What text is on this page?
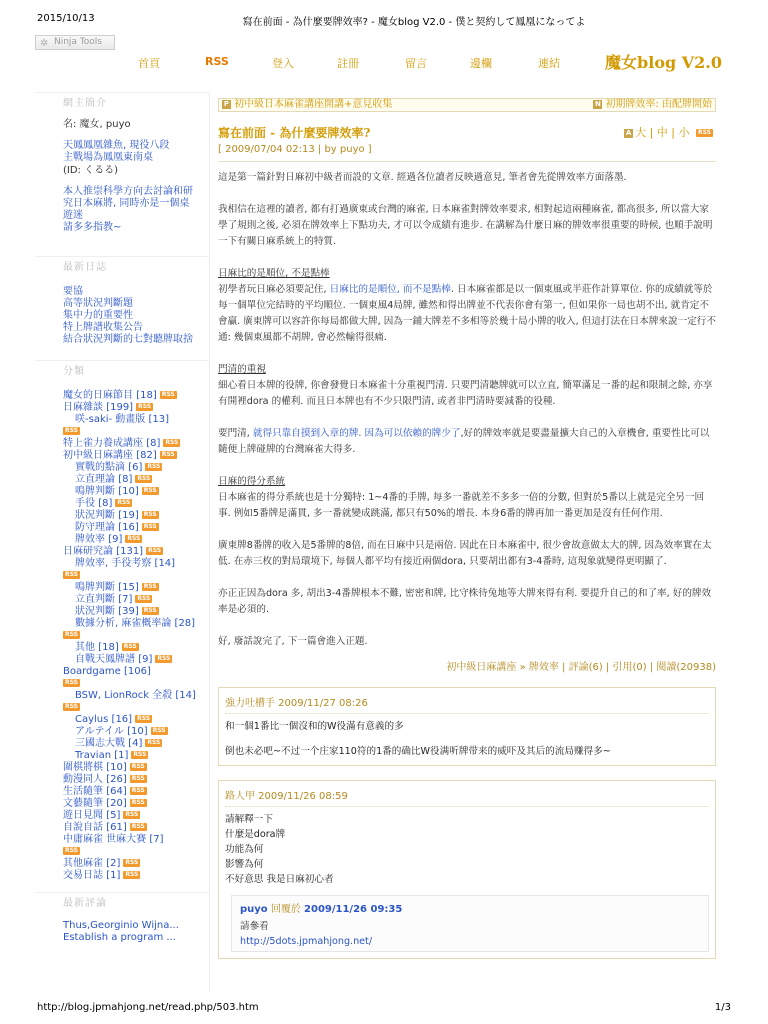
2015/10/13	寫在前面 - 為什麼要牌效率? - 魔女blog V2.0 - 僕と契約して鳳凰になってよ
✲ Ninja Tools
首頁	RSS	登入	註冊	留言	邊欄	連結	魔女blog V2.0
網主簡介
名: 魔女, puyo
天鳳鳳凰雜魚, 現役八段
主戰場為鳳凰東南桌
(ID: くるる)
本人推崇科學方向去討論和研
究日本麻將, 同時亦是一個桌
遊迷
請多多指教~
最新日誌
要協
高等狀況判斷題
集中力的重要性
特上牌譜收集公告
結合狀況判斷的七對聽牌取捨
分類
魔女的日麻節目 [18] RSS
日麻雜談 [199] RSS
咲-saki- 動畫版 [13]
RSS
特上雀力養成講座 [8] RSS
初中級日麻講座 [82] RSS
實戰的點滴 [6] RSS
立直理論 [8] RSS
鳴牌判斷 [10] RSS
手役 [8] RSS
狀況判斷 [19] RSS
防守理論 [16] RSS
牌效率 [9] RSS
日麻研究論 [131] RSS
牌效率, 手役考察 [14]
RSS
鳴牌判斷 [15] RSS
立直判斷 [7] RSS
狀況判斷 [39] RSS
數據分析, 麻雀概率論 [28]
RSS
其他 [18] RSS
自戰天鳳牌譜 [9] RSS
Boardgame [106]
RSS
BSW, LionRock 全殺 [14]
RSS
Caylus [16] RSS
アルテイル [10] RSS
三國志大戰 [4] RSS
Travian [1] RSS
圍棋將棋 [10] RSS
動漫同人 [26] RSS
生活隨筆 [64] RSS
文藝隨筆 [20] RSS
遊日見聞 [5] RSS
自說自話 [61] RSS
中庸麻雀 世麻大賽 [7]
RSS
其他麻雀 [2] RSS
交易日誌 [1] RSS
最新評論
Thus,Georginio Wijna...
Establish a program ...
P 初中級日本麻雀講座開講+意見收集	N 初期牌效率: 由配牌開始
寫在前面 - 為什麼要牌效率?
[ 2009/07/04 02:13 | by puyo ]
A 大 | 中 | 小 RSS

這是第一篇針對日麻初中級者而設的文章. 經過各位讀者反映過意見, 筆者會先從牌效率方面落墨.

我相信在這裡的讀者, 都有打過廣東或台灣的麻雀, 日本麻雀對牌效率要求, 相對起這兩種麻雀, 都高很多, 所以當大家學了規則之後, 必須在牌效率上下點功夫, 才可以令成績有進步. 在講解為什麼日麻的牌效率很重要的時候, 也順手說明一下有關日麻系統上的特質.

日麻比的是順位, 不是點棒

初學者玩日麻必須要記住, 日麻比的是順位, 而不是點棒. 日本麻雀都是以一個東風或半莊作計算單位. 你的成績就等於每一個單位完結時的平均順位. 一個東風4局牌, 雖然和得出牌並不代表你會有第一, 但如果你一局也胡不出, 就肯定不會贏. 廣東牌可以容許你每局都做大牌, 因為一鋪大牌差不多相等於幾十局小牌的收入, 但這打法在日本牌來說一定行不通: 幾個東風都不胡牌, 會必然輸得很痛.

門清的重視

細心看日本牌的役牌, 你會發覺日本麻雀十分重視門清. 只要門清聽牌就可以立直, 簡單滿足一番的起和限制之餘, 亦享有開裡dora 的權利. 而且日本牌也有不少只限門清, 或者非門清時要減番的役種.

要門清, 就得只靠自摸到入章的牌. 因為可以依賴的牌少了,好的牌效率就是要盡量擴大自己的入章機會, 重要性比可以隨便上牌碰牌的台灣麻雀大得多.

日麻的得分系統

日本麻雀的得分系統也是十分獨特: 1~4番的手牌, 每多一番就差不多多一倍的分數, 但對於5番以上就是完全另一回事. 例如5番牌是滿貫, 多一番就變成跳滿, 都只有50%的增長. 本身6番的牌再加一番更加是沒有任何作用.

廣東牌8番牌的收入是5番牌的8倍, 而在日麻中只是兩倍. 因此在日本麻雀中, 很少會故意做太大的牌, 因為效率實在太低. 在赤三枚的對局環境下, 每個人都平均有接近兩個dora, 只要胡出都有3-4番時, 這現象就變得更明顯了.

亦正正因為dora 多, 胡出3-4番牌根本不難, 密密和牌, 比守株待兔地等大牌來得有利. 要提升自己的和了率, 好的牌效率是必須的.

好, 廢話說完了, 下一篇會進入正題.

初中級日麻講座 » 牌效率 | 評論(6) | 引用(0) | 閱讀(20938)
強力吐槽手 2009/11/27 08:26

和一個1番比一個沒和的W役滿有意義的多

倒也未必吧~不过一个庄家110符的1番的确比W役满听牌带来的威吓及其后的流局赚得多~

路人甲 2009/11/26 08:59
請解釋一下
什麼是dora牌
功能為何
影響為何
不好意思 我是日麻初心者
puyo 回覆於 2009/11/26 09:35
請參看
http://5dots.jpmahjong.net/
http://blog.jpmahjong.net/read.php/503.htm	1/3
